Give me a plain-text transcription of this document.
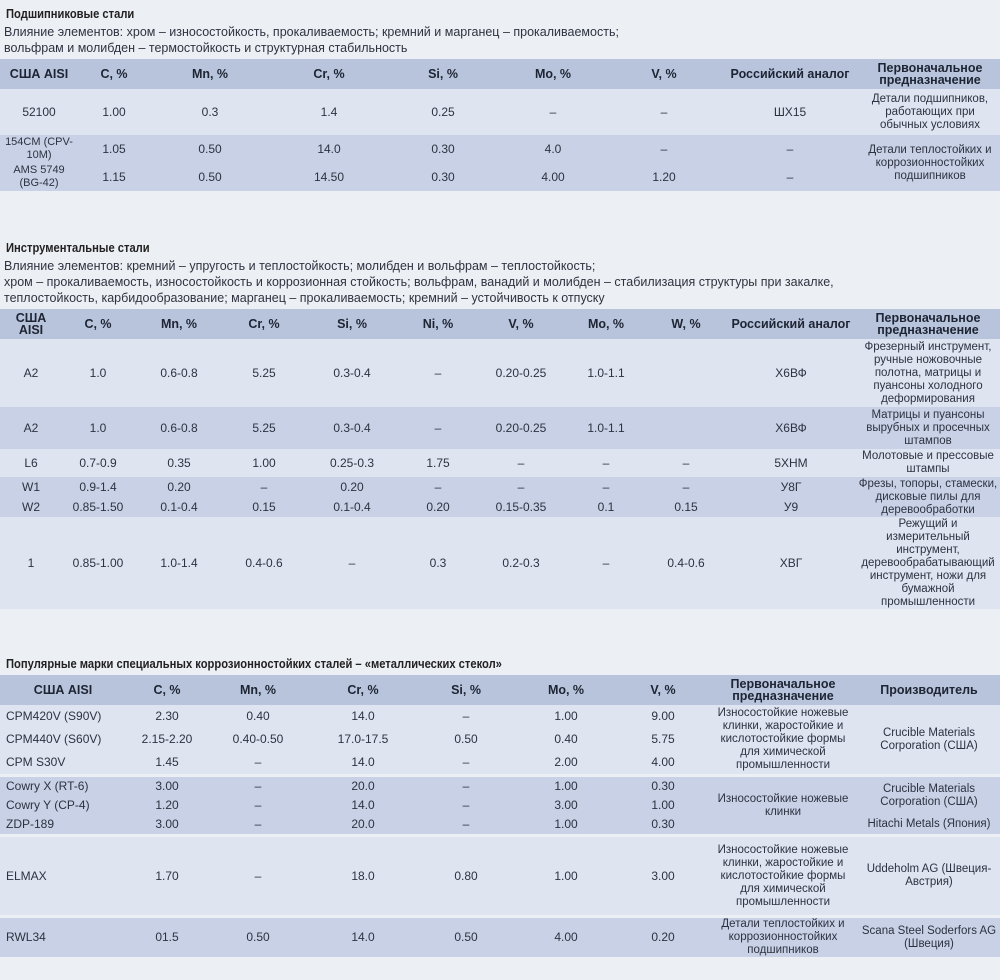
Подшипниковые стали
Влияние элементов: хром – износостойкость, прокаливаемость; кремний и марганец – прокаливаемость;
вольфрам и молибден – термостойкость и структурная стабильность
США AISI	C, %	Mn, %	Cr, %	Si, %	Mo, %	V, %	Российский аналог	Первоначальное предназначение
52100	1.00	0.3	1.4	0.25	–	–	ШХ15	Детали подшипников, работающих при обычных условиях
154CM (CPV-10M)	1.05	0.50	14.0	0.30	4.0	–	–	Детали теплостойких и коррозионностойких подшипников
AMS 5749 (BG-42)	1.15	0.50	14.50	0.30	4.00	1.20	–	
Инструментальные стали
Влияние элементов: кремний – упругость и теплостойкость; молибден и вольфрам – теплостойкость;
хром – прокаливаемость, износостойкость и коррозионная стойкость; вольфрам, ванадий и молибден – стабилизация структуры при закалке,
теплостойкость, карбидообразование; марганец – прокаливаемость; кремний – устойчивость к отпуску
США AISI	C, %	Mn, %	Cr, %	Si, %	Ni, %	V, %	Mo, %	W, %	Российский аналог	Первоначальное предназначение
A2	1.0	0.6-0.8	5.25	0.3-0.4	–	0.20-0.25	1.0-1.1		Х6ВФ	Фрезерный инструмент, ручные ножовочные полотна, матрицы и пуансоны холодного деформирования
A2	1.0	0.6-0.8	5.25	0.3-0.4	–	0.20-0.25	1.0-1.1		Х6ВФ	Матрицы и пуансоны вырубных и просечных штампов
L6	0.7-0.9	0.35	1.00	0.25-0.3	1.75	–	–	–	5ХНМ	Молотовые и прессовые штампы
W1	0.9-1.4	0.20	–	0.20	–	–	–	–	У8Г	Фрезы, топоры, стамески, дисковые пилы для деревообработки
W2	0.85-1.50	0.1-0.4	0.15	0.1-0.4	0.20	0.15-0.35	0.1	0.15	У9	
1	0.85-1.00	1.0-1.4	0.4-0.6	–	0.3	0.2-0.3	–	0.4-0.6	ХВГ	Режущий и измерительный инструмент, деревообрабатывающий инструмент, ножи для бумажной промышленности
Популярные марки специальных коррозионностойких сталей – «металлических стекол»
США AISI	C, %	Mn, %	Cr, %	Si, %	Mo, %	V, %	Первоначальное предназначение	Производитель
CPM420V (S90V)	2.30	0.40	14.0	–	1.00	9.00	Износостойкие ножевые клинки, жаростойкие и кислотостойкие формы для химической промышленности	Crucible Materials Corporation (США)
CPM440V (S60V)	2.15-2.20	0.40-0.50	17.0-17.5	0.50	0.40	5.75		
CPM S30V	1.45	–	14.0	–	2.00	4.00		

Cowry X (RT-6)	3.00	–	20.0	–	1.00	0.30	Износостойкие ножевые клинки	Crucible Materials Corporation (США)
Cowry Y (CP-4)	1.20	–	14.0	–	3.00	1.00		
ZDP-189	3.00	–	20.0	–	1.00	0.30		Hitachi Metals (Япония)

ELMAX	1.70	–	18.0	0.80	1.00	3.00	Износостойкие ножевые клинки, жаростойкие и кислотостойкие формы для химической промышленности	Uddeholm AG (Швеция-Австрия)

RWL34	01.5	0.50	14.0	0.50	4.00	0.20	Детали теплостойких и коррозионностойких подшипников	Scana Steel Soderfors AG (Швеция)
